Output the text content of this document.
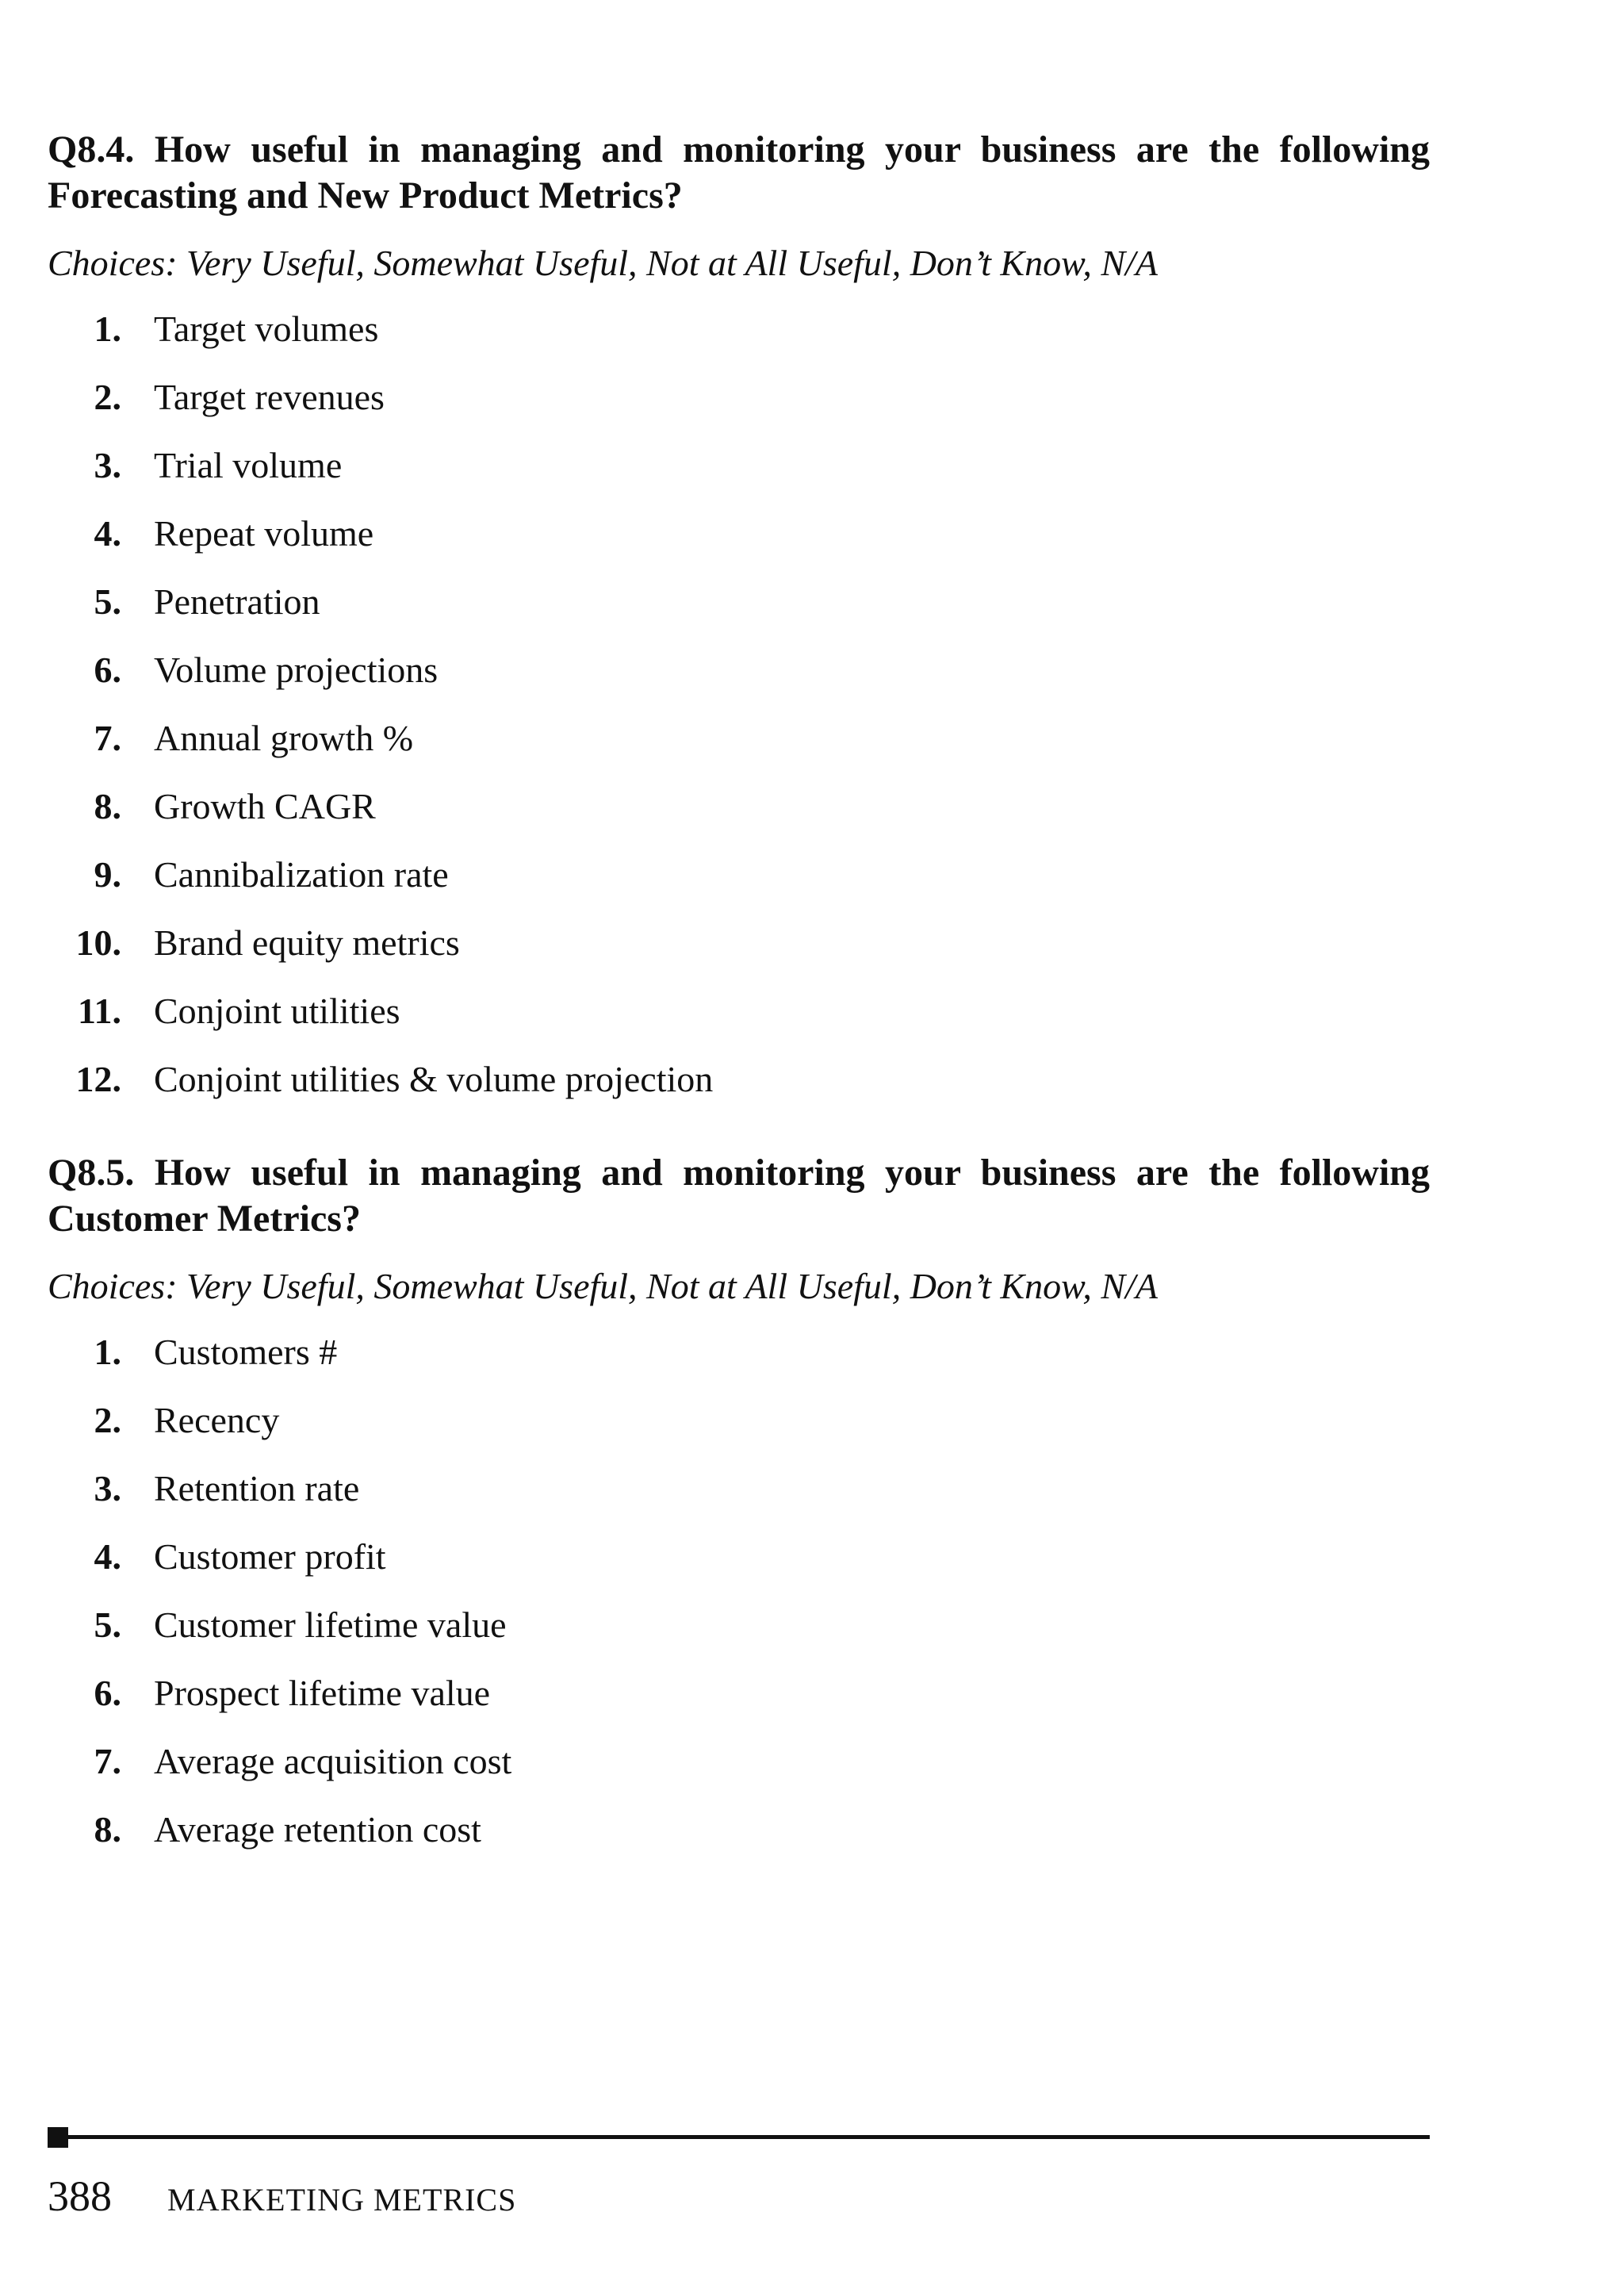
Q8.4. How useful in managing and monitoring your business are the following Forecasting and New Product Metrics?

Choices: Very Useful, Somewhat Useful, Not at All Useful, Don’t Know, N/A

1. Target volumes
2. Target revenues
3. Trial volume
4. Repeat volume
5. Penetration
6. Volume projections
7. Annual growth %
8. Growth CAGR
9. Cannibalization rate
10. Brand equity metrics
11. Conjoint utilities
12. Conjoint utilities & volume projection

Q8.5. How useful in managing and monitoring your business are the following Customer Metrics?

Choices: Very Useful, Somewhat Useful, Not at All Useful, Don’t Know, N/A

1. Customers #
2. Recency
3. Retention rate
4. Customer profit
5. Customer lifetime value
6. Prospect lifetime value
7. Average acquisition cost
8. Average retention cost
388 MARKETING METRICS
